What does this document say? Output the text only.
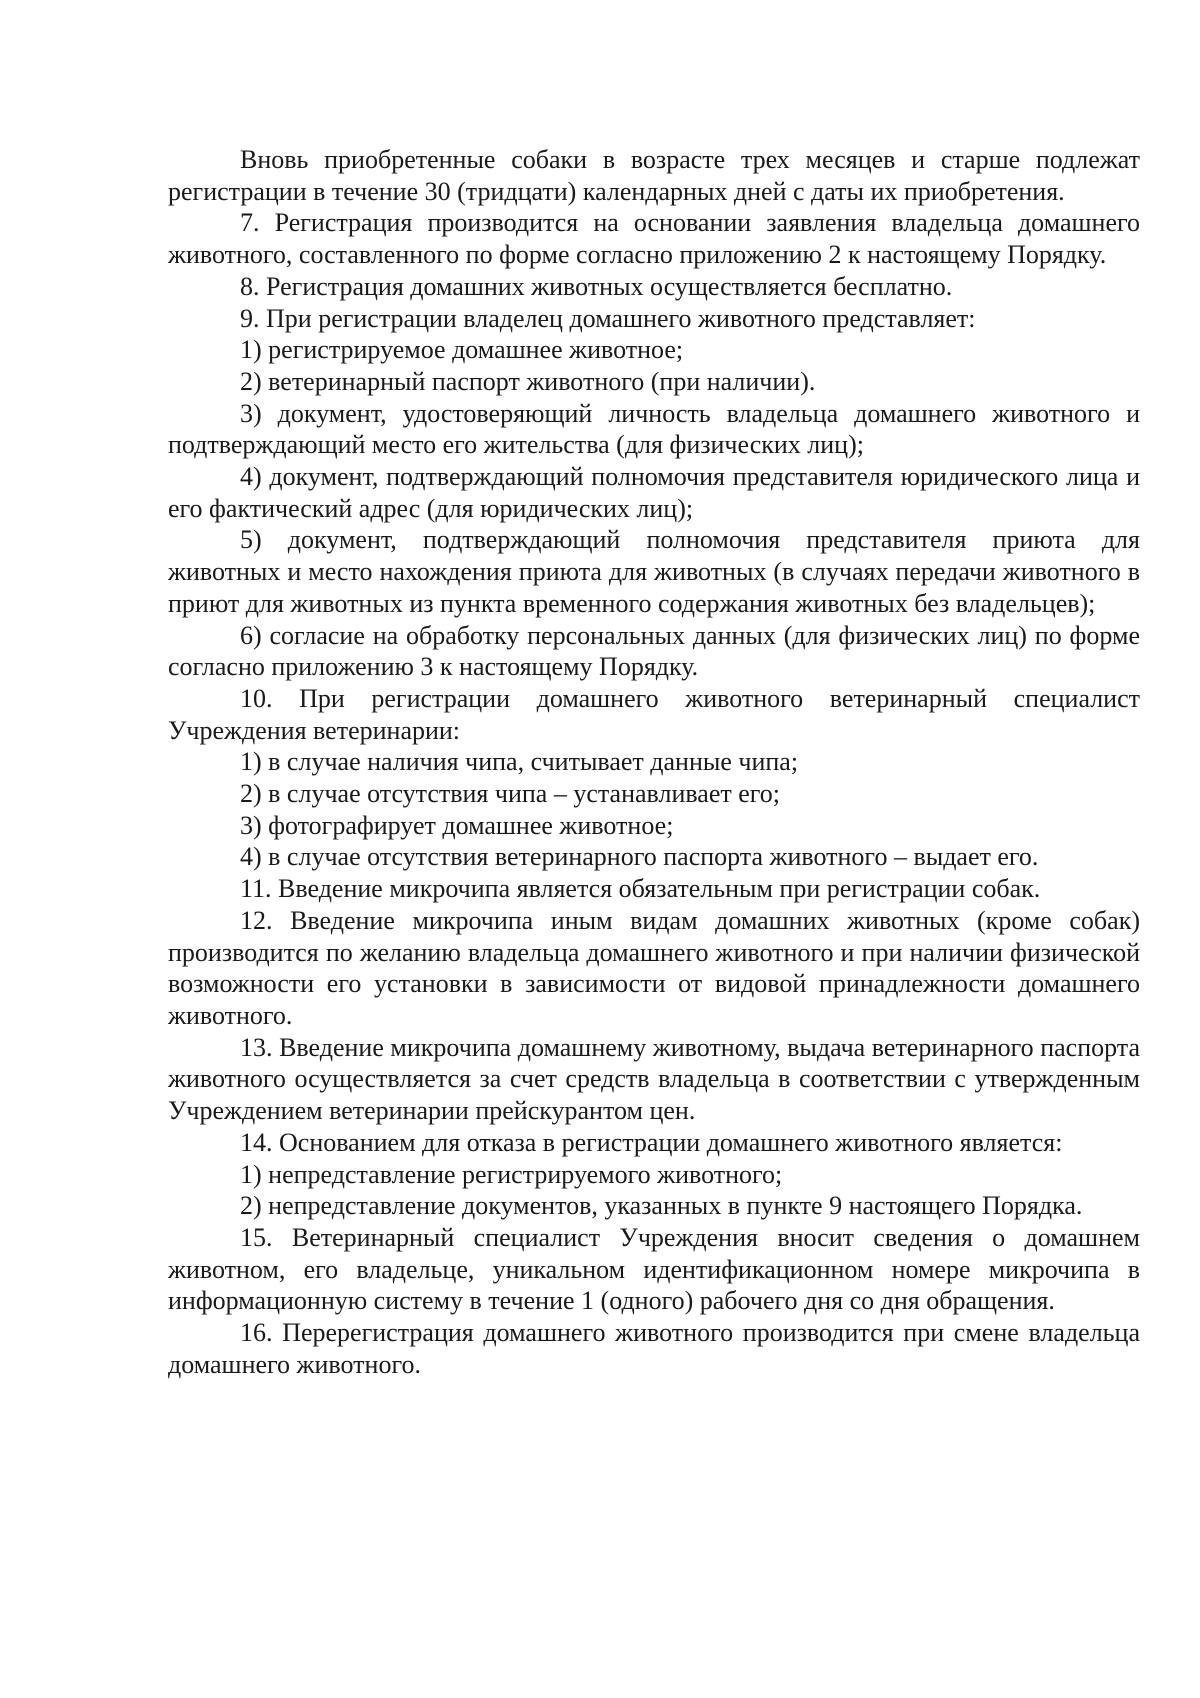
Вновь приобретенные собаки в возрасте трех месяцев и старше подлежат регистрации в течение 30 (тридцати) календарных дней с даты их приобретения.

7. Регистрация производится на основании заявления владельца домашнего животного, составленного по форме согласно приложению 2 к настоящему Порядку.

8. Регистрация домашних животных осуществляется бесплатно.

9. При регистрации владелец домашнего животного представляет:

1) регистрируемое домашнее животное;

2) ветеринарный паспорт животного (при наличии).

3) документ, удостоверяющий личность владельца домашнего животного и подтверждающий место его жительства (для физических лиц);

4) документ, подтверждающий полномочия представителя юридического лица и его фактический адрес (для юридических лиц);

5) документ, подтверждающий полномочия представителя приюта для животных и место нахождения приюта для животных (в случаях передачи животного в приют для животных из пункта временного содержания животных без владельцев);

6) согласие на обработку персональных данных (для физических лиц) по форме согласно приложению 3 к настоящему Порядку.

10. При регистрации домашнего животного ветеринарный специалист Учреждения ветеринарии:

1) в случае наличия чипа, считывает данные чипа;

2) в случае отсутствия чипа – устанавливает его;

3) фотографирует домашнее животное;

4) в случае отсутствия ветеринарного паспорта животного – выдает его.

11. Введение микрочипа является обязательным при регистрации собак.

12. Введение микрочипа иным видам домашних животных (кроме собак) производится по желанию владельца домашнего животного и при наличии физической возможности его установки в зависимости от видовой принадлежности домашнего животного.

13. Введение микрочипа домашнему животному, выдача ветеринарного паспорта животного осуществляется за счет средств владельца в соответствии с утвержденным Учреждением ветеринарии прейскурантом цен.

14. Основанием для отказа в регистрации домашнего животного является:

1) непредставление регистрируемого животного;

2) непредставление документов, указанных в пункте 9 настоящего Порядка.

15. Ветеринарный специалист Учреждения вносит сведения о домашнем животном, его владельце, уникальном идентификационном номере микрочипа в информационную систему в течение 1 (одного) рабочего дня со дня обращения.

16. Перерегистрация домашнего животного производится при смене владельца домашнего животного.
